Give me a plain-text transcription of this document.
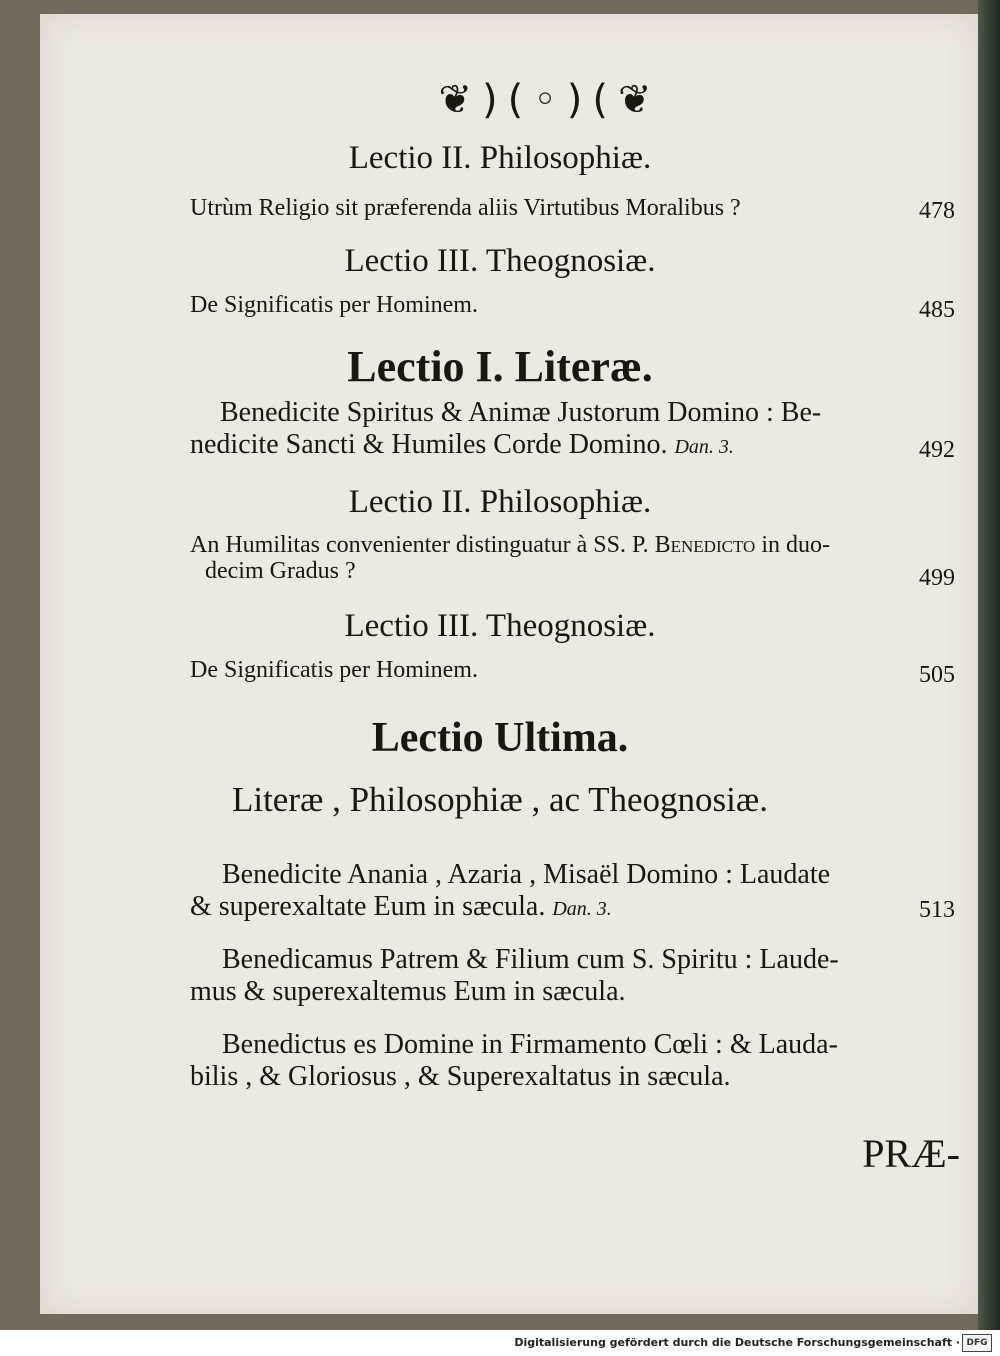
❦)(◦)(❦
Lectio II. Philosophiæ.
Utrùm Religio sit præferenda aliis Virtutibus Moralibus ?	478
Lectio III. Theognosiæ.
De Significatis per Hominem.	485
Lectio I. Literæ.
Benedicite Spiritus & Animæ Justorum Domino : Be-
nedicite Sancti & Humiles Corde Domino. Dan. 3.	492
Lectio II. Philosophiæ.
An Humilitas convenienter distinguatur à SS. P. Benedicto in duo-
decim Gradus ?	499
Lectio III. Theognosiæ.
De Significatis per Hominem.	505
Lectio Ultima.
Literæ , Philosophiæ , ac Theognosiæ.
Benedicite Anania , Azaria , Misaël Domino : Laudate
& superexaltate Eum in sæcula. Dan. 3.	513
Benedicamus Patrem & Filium cum S. Spiritu : Laude-
mus & superexaltemus Eum in sæcula.
Benedictus es Domine in Firmamento Cœli : & Lauda-
bilis , & Gloriosus , & Superexaltatus in sæcula.
PRÆ-
Digitalisierung gefördert durch die Deutsche Forschungsgemeinschaft · DFG
